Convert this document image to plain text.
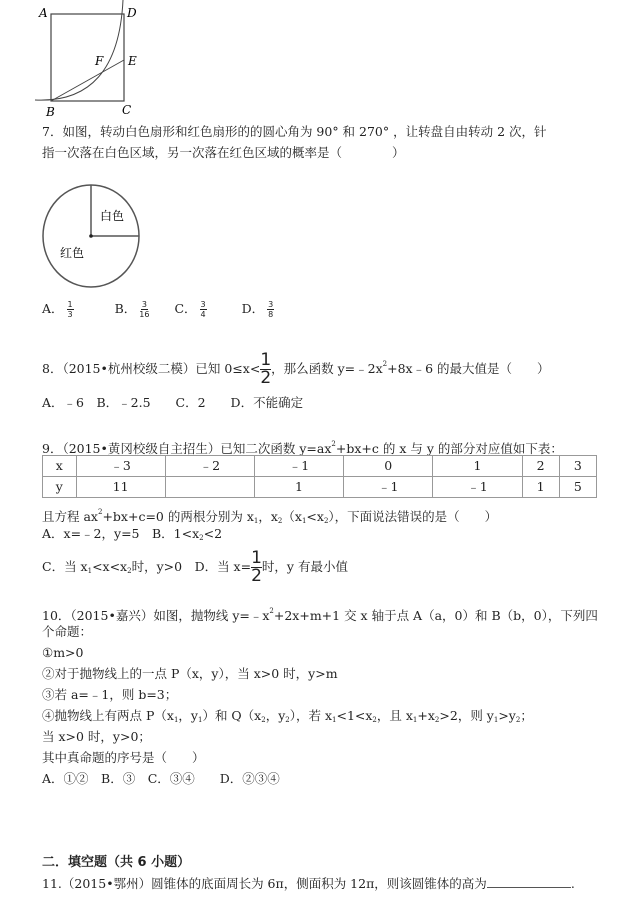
A	D
F E
B	C
7．如图，转动白色扇形和红色扇形的的圆心角为 90° 和 270° ，让转盘自由转动 2 次，针
指一次落在白色区域，另一次落在红色区域的概率是（　　　　）
白色
红色
A． $\frac{1}{3}$	B． $\frac{3}{16}$ C． $\frac{3}{4}$	D． $\frac{3}{8}$
8．（2015•杭州校级二模）已知 $0\le x< \frac{1}{2}$ ，那么函数 $y=﹣2x^2+8x﹣6$ 的最大值是（　　）
A．﹣6　B．﹣2.5　　C．2　　D．不能确定
9．（2015•黄冈校级自主招生）已知二次函数 $y=ax^2+bx+c$ 的 x 与 y 的部分对应值如下表：
x	﹣3	﹣2	﹣1	0	1	2	3
y	11		1	﹣1	﹣1	1	5
且方程 $ax^2+bx+c=0$ 的两根分别为 $x_1$，$x_2(x_1<x_2)$，下面说法错误的是（　　）
A．x=﹣2，y=5　B．$1<x_2<2$
C．当 $x_1<x<x_2$时，y>0　D．当 $x= \frac{1}{2}$ 时，y 有最小值
10．（2015•嘉兴）如图，抛物线 $y=﹣x^2+2x+m+1$ 交 x 轴于点 A（a，0）和 B（b，0），下列四
个命题：
①m>0
②对于抛物线上的一点 P（x，y），当 x>0 时，y>m
③若 a=﹣1，则 b=3；
④抛物线上有两点 $P(x_1$，$y_1$）和 $Q(x_2$，$y_2$），若 $x_1<1<x_2$，且 $x_1+x_2>2$，则 $y_1>y_2$；
当 x>0 时，y>0；
其中真命题的序号是（　　）
A．①②　B．③　C．③④　　D．②③④
二．填空题（共 6 小题）
11.（2015•鄂州）圆锥体的底面周长为 6π，侧面积为 12π，则该圆锥体的高为	.
